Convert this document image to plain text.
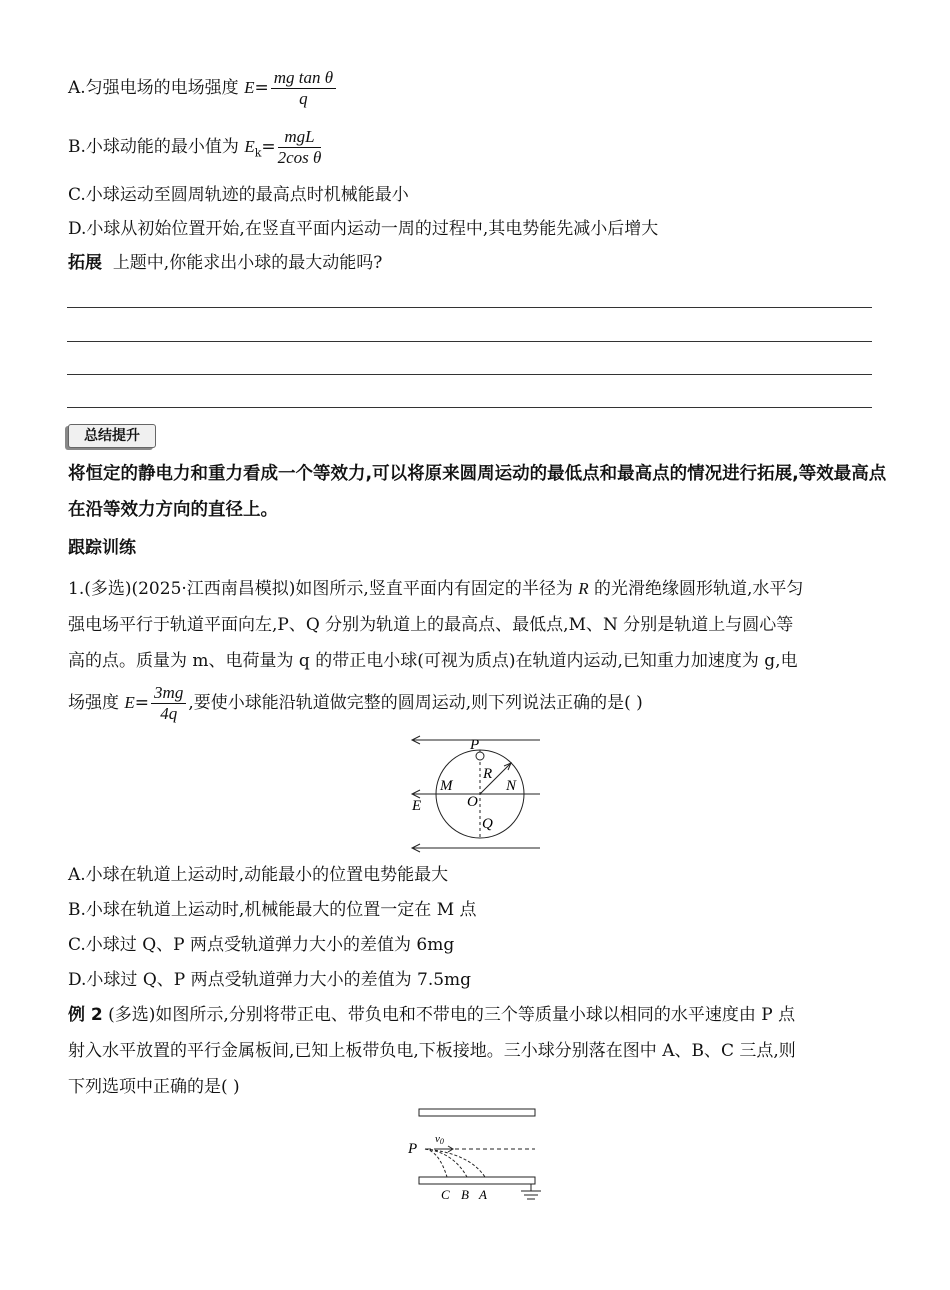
A.匀强电场的电场强度 $E= \frac{\text{mg tan θ}}{q}$
B.小球动能的最小值为 $E_k= \frac{\text{mgL}}{\text{2cos θ}}$
C.小球运动至圆周轨迹的最高点时机械能最小
D.小球从初始位置开始,在竖直平面内运动一周的过程中,其电势能先减小后增大
拓展 上题中,你能求出小球的最大动能吗?
总结提升
将恒定的静电力和重力看成一个等效力,可以将原来圆周运动的最低点和最高点的情况进行拓展,等效最高点在沿等效力方向的直径上。
跟踪训练
1.(多选)(2025·江西南昌模拟)如图所示,竖直平面内有固定的半径为 R 的光滑绝缘圆形轨道,水平匀
强电场平行于轨道平面向左,P、Q 分别为轨道上的最高点、最低点,M、N 分别是轨道上与圆心等
高的点。质量为 m、电荷量为 q 的带正电小球(可视为质点)在轨道内运动,已知重力加速度为 g,电
场强度 $E= \frac{3mg}{4q}$ ,要使小球能沿轨道做完整的圆周运动,则下列说法正确的是( )
P
R
M	N
O
E
Q
A.小球在轨道上运动时,动能最小的位置电势能最大
B.小球在轨道上运动时,机械能最大的位置一定在 M 点
C.小球过 Q、P 两点受轨道弹力大小的差值为 6mg
D.小球过 Q、P 两点受轨道弹力大小的差值为 7.5mg
例 2 (多选)如图所示,分别将带正电、带负电和不带电的三个等质量小球以相同的水平速度由 P 点
射入水平放置的平行金属板间,已知上板带负电,下板接地。三小球分别落在图中 A、B、C 三点,则
下列选项中正确的是( )
P
v0
C B A
